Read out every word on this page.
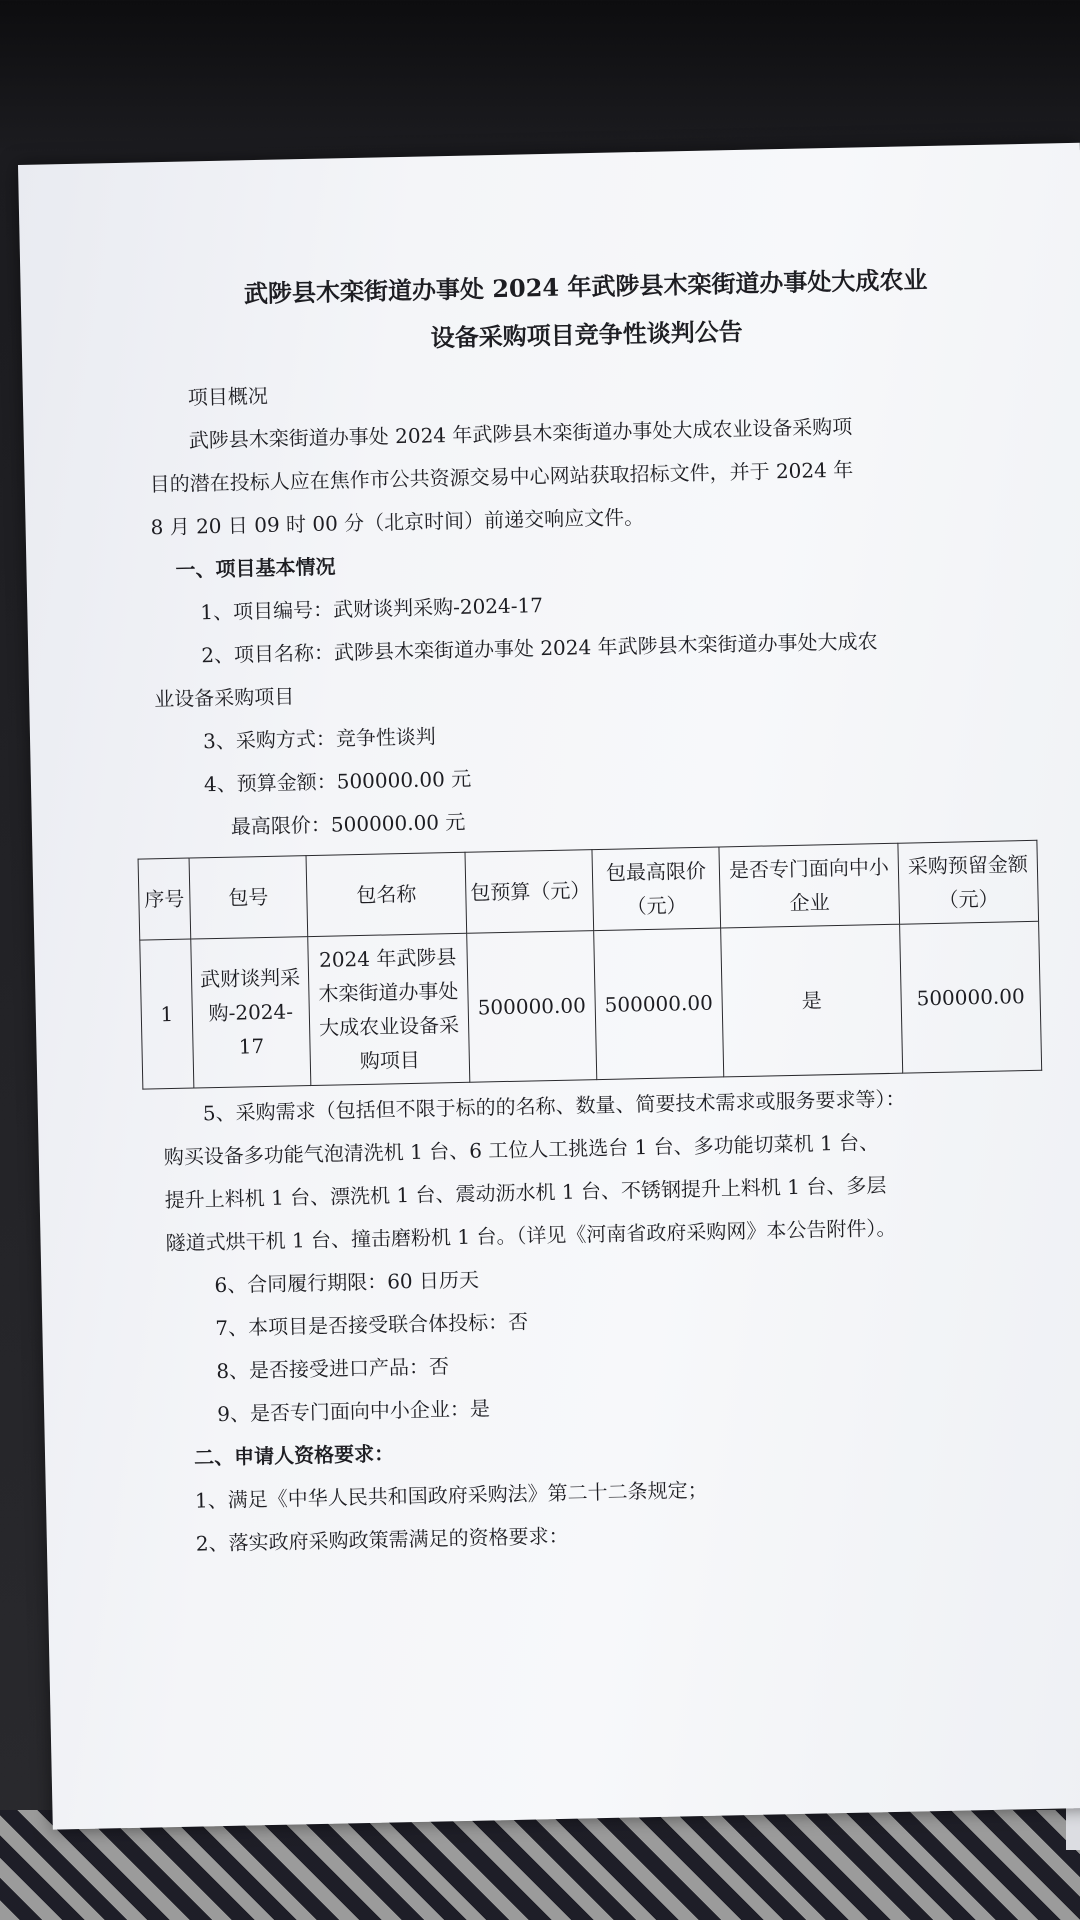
武陟县木栾街道办事处 2024 年武陟县木栾街道办事处大成农业
设备采购项目竞争性谈判公告

项目概况

武陟县木栾街道办事处 2024 年武陟县木栾街道办事处大成农业设备采购项

目的潜在投标人应在焦作市公共资源交易中心网站获取招标文件，并于 2024 年

8 月 20 日 09 时 00 分（北京时间）前递交响应文件。

一、项目基本情况

1、项目编号：武财谈判采购-2024-17

2、项目名称：武陟县木栾街道办事处 2024 年武陟县木栾街道办事处大成农

业设备采购项目

3、采购方式：竞争性谈判

4、预算金额：500000.00 元

最高限价：500000.00 元

序号	包号	包名称	包预算（元）	包最高限价（元）	是否专门面向中小企业	采购预留金额（元）
1	武财谈判采购-2024-17	2024 年武陟县木栾街道办事处大成农业设备采购项目	500000.00	500000.00	是	500000.00

5、采购需求（包括但不限于标的的名称、数量、简要技术需求或服务要求等）：

购买设备多功能气泡清洗机 1 台、6 工位人工挑选台 1 台、多功能切菜机 1 台、

提升上料机 1 台、漂洗机 1 台、震动沥水机 1 台、不锈钢提升上料机 1 台、多层

隧道式烘干机 1 台、撞击磨粉机 1 台。（详见《河南省政府采购网》本公告附件）。

6、合同履行期限：60 日历天

7、本项目是否接受联合体投标：否

8、是否接受进口产品：否

9、是否专门面向中小企业：是

二、申请人资格要求：

1、满足《中华人民共和国政府采购法》第二十二条规定；

2、落实政府采购政策需满足的资格要求：
